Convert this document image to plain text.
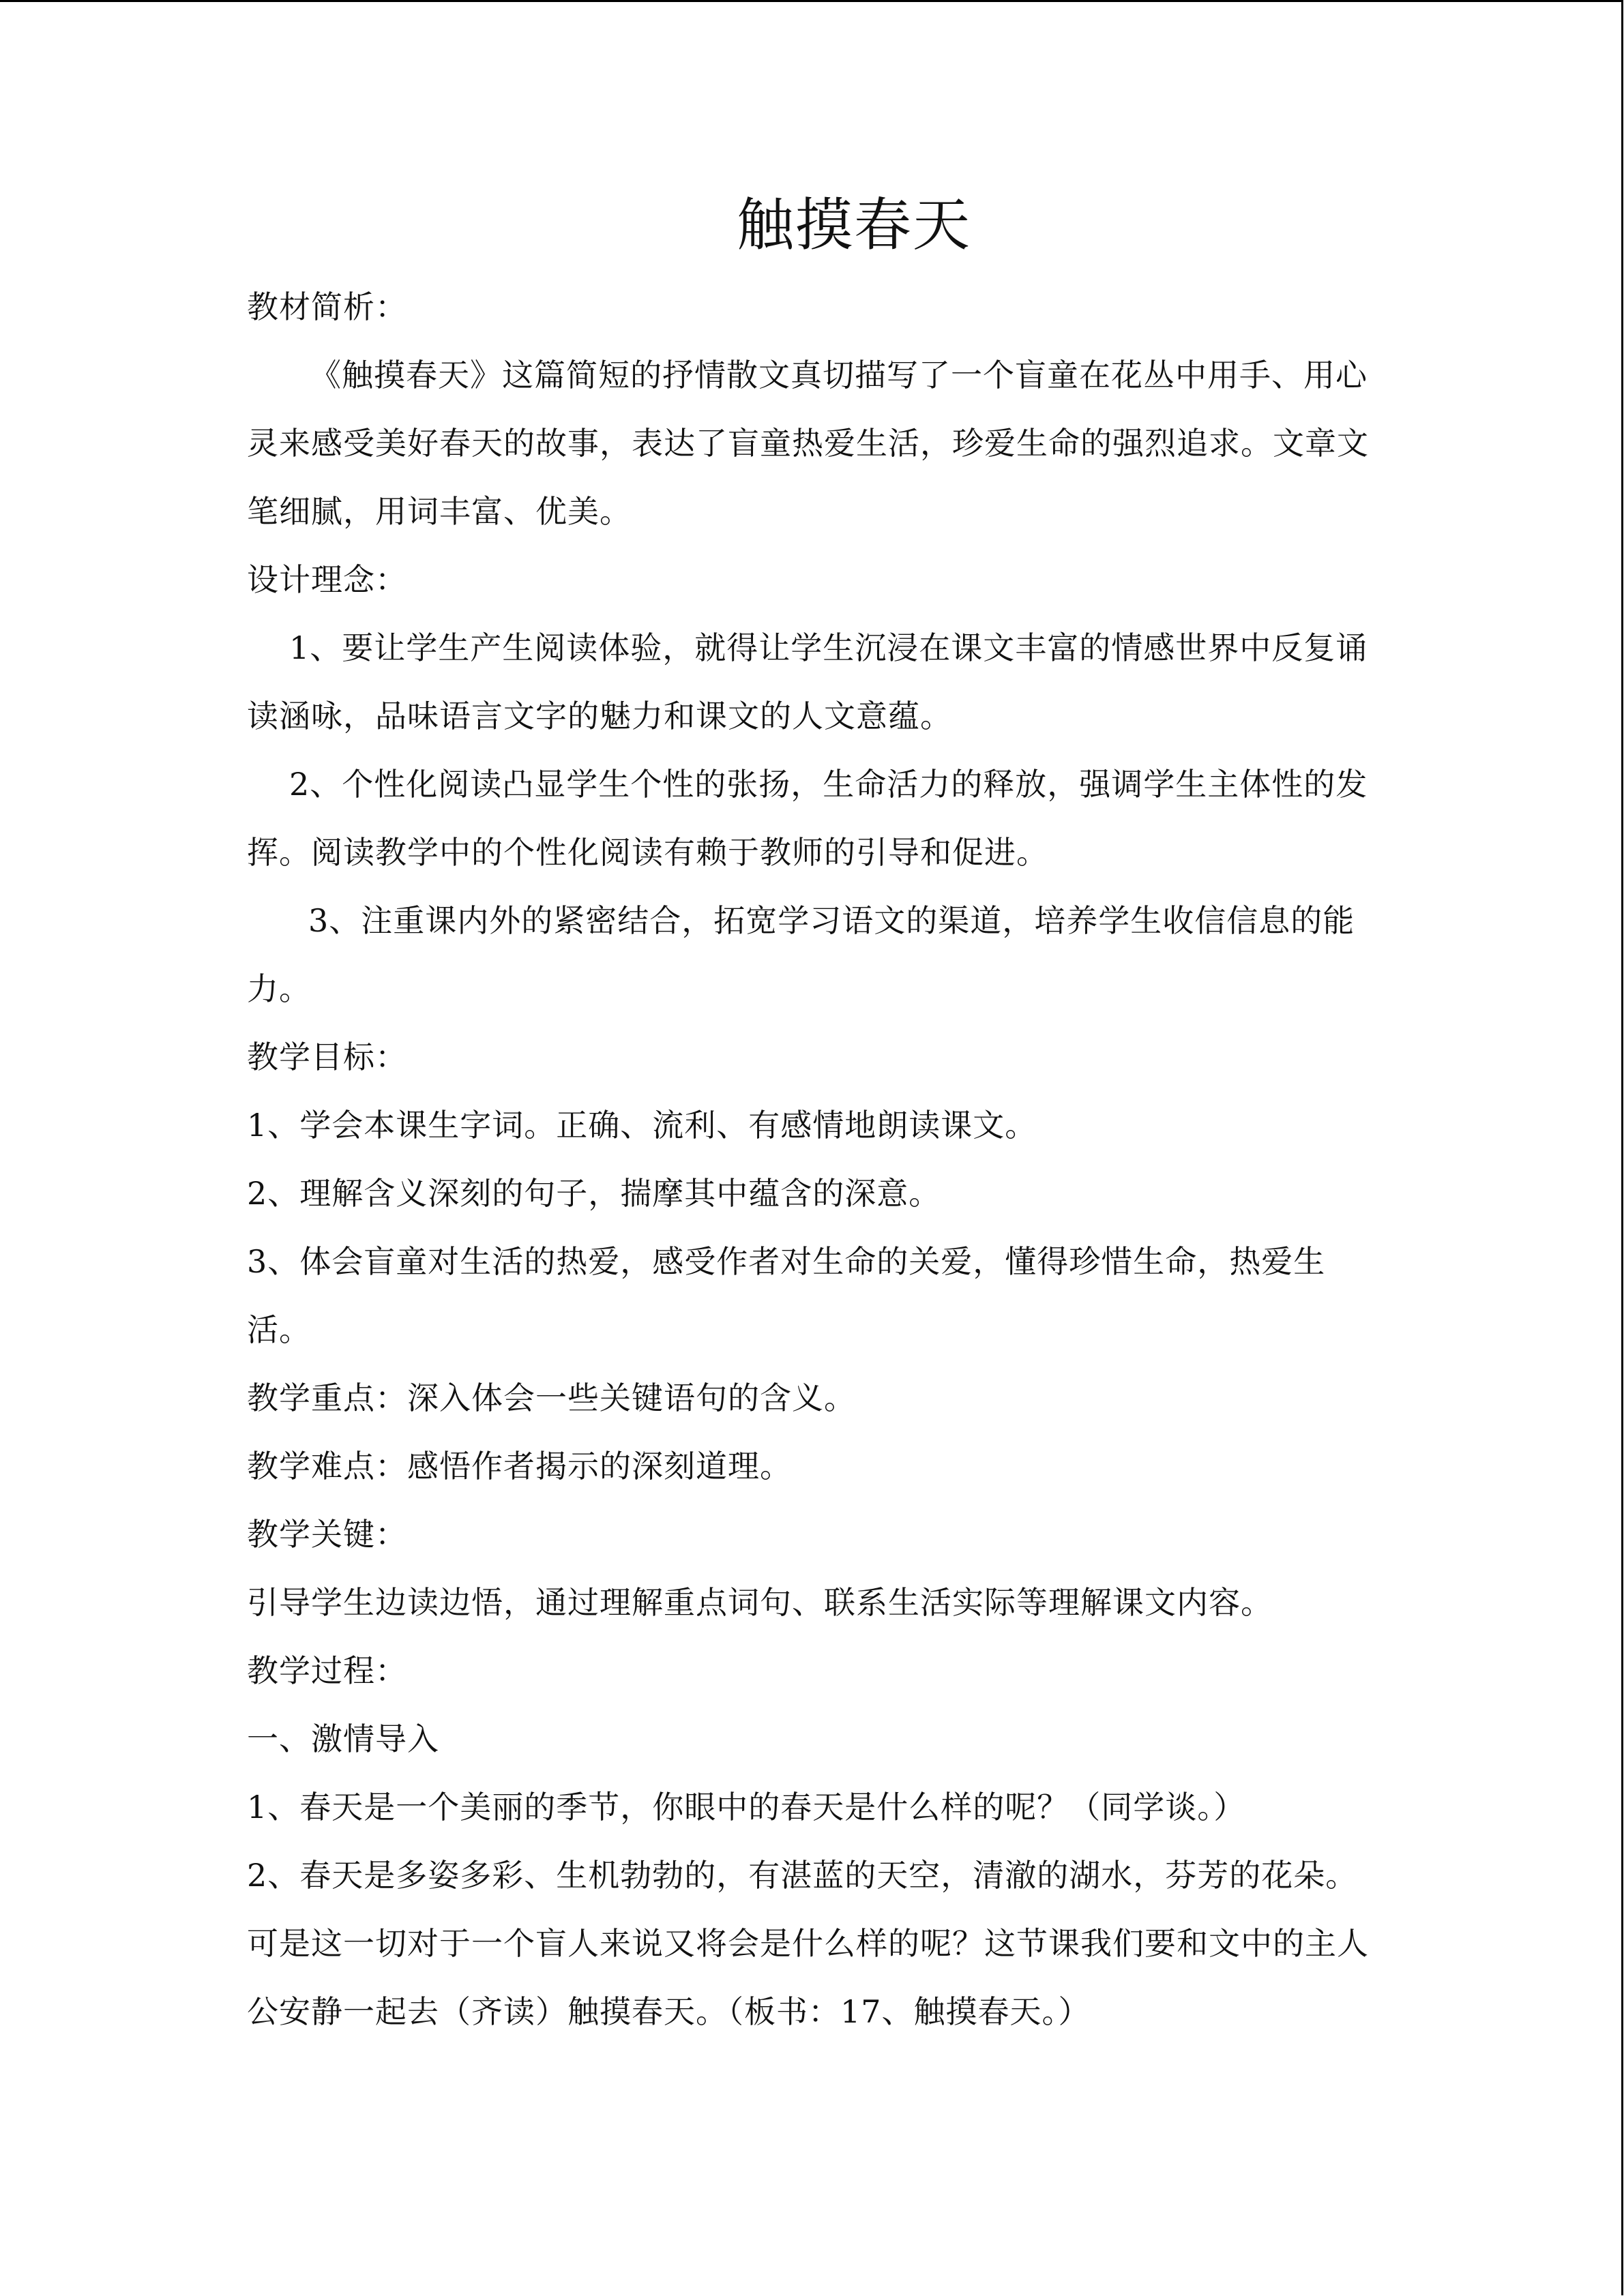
触摸春天

教材简析：

《触摸春天》这篇简短的抒情散文真切描写了一个盲童在花丛中用手、用心灵来感受美好春天的故事，表达了盲童热爱生活，珍爱生命的强烈追求。文章文笔细腻，用词丰富、优美。

设计理念：

1、要让学生产生阅读体验，就得让学生沉浸在课文丰富的情感世界中反复诵读涵咏，品味语言文字的魅力和课文的人文意蕴。

2、个性化阅读凸显学生个性的张扬，生命活力的释放，强调学生主体性的发挥。阅读教学中的个性化阅读有赖于教师的引导和促进。

3、注重课内外的紧密结合，拓宽学习语文的渠道，培养学生收信信息的能力。

教学目标：

1、学会本课生字词。正确、流利、有感情地朗读课文。

2、理解含义深刻的句子，揣摩其中蕴含的深意。

3、体会盲童对生活的热爱，感受作者对生命的关爱，懂得珍惜生命，热爱生活。

教学重点：深入体会一些关键语句的含义。

教学难点：感悟作者揭示的深刻道理。

教学关键：

引导学生边读边悟，通过理解重点词句、联系生活实际等理解课文内容。

教学过程：

一、激情导入

1、春天是一个美丽的季节，你眼中的春天是什么样的呢？（同学谈。）

2、春天是多姿多彩、生机勃勃的，有湛蓝的天空，清澈的湖水，芬芳的花朵。可是这一切对于一个盲人来说又将会是什么样的呢？这节课我们要和文中的主人公安静一起去（齐读）触摸春天。（板书：17、触摸春天。）
